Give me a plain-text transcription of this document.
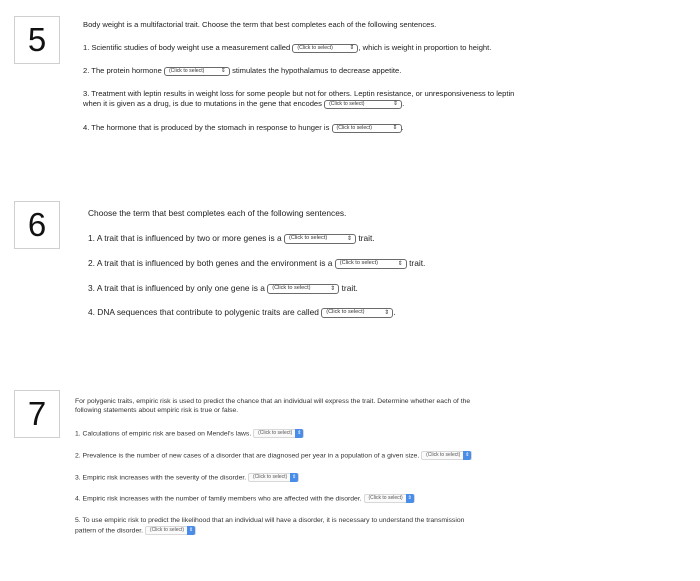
5	Body weight is a multifactorial trait. Choose the term that best completes each of the following sentences.
1. Scientific studies of body weight use a measurement called (Click to select)	⇕ , which is weight in proportion to height.
2. The protein hormone (Click to select)	⇕ stimulates the hypothalamus to decrease appetite.
3. Treatment with leptin results in weight loss for some people but not for others. Leptin resistance, or unresponsiveness to leptin
when it is given as a drug, is due to mutations in the gene that encodes (Click to select)	⇕ .
4. The hormone that is produced by the stomach in response to hunger is (Click to select)	⇕ .
6	Choose the term that best completes each of the following sentences.
1. A trait that is influenced by two or more genes is a (Click to select)	⇕ trait.
2. A trait that is influenced by both genes and the environment is a (Click to select)	⇕ trait.
3. A trait that is influenced by only one gene is a (Click to select)	⇕ trait.
4. DNA sequences that contribute to polygenic traits are called (Click to select)	⇕ .
7	For polygenic traits, empiric risk is used to predict the chance that an individual will express the trait. Determine whether each of the
following statements about empiric risk is true or false.
1. Calculations of empiric risk are based on Mendel's laws. (Click to select) ⇕
2. Prevalence is the number of new cases of a disorder that are diagnosed per year in a population of a given size. (Click to select) ⇕
3. Empiric risk increases with the severity of the disorder. (Click to select) ⇕
4. Empiric risk increases with the number of family members who are affected with the disorder. (Click to select) ⇕
5. To use empiric risk to predict the likelihood that an individual will have a disorder, it is necessary to understand the transmission
pattern of the disorder. (Click to select) ⇕
